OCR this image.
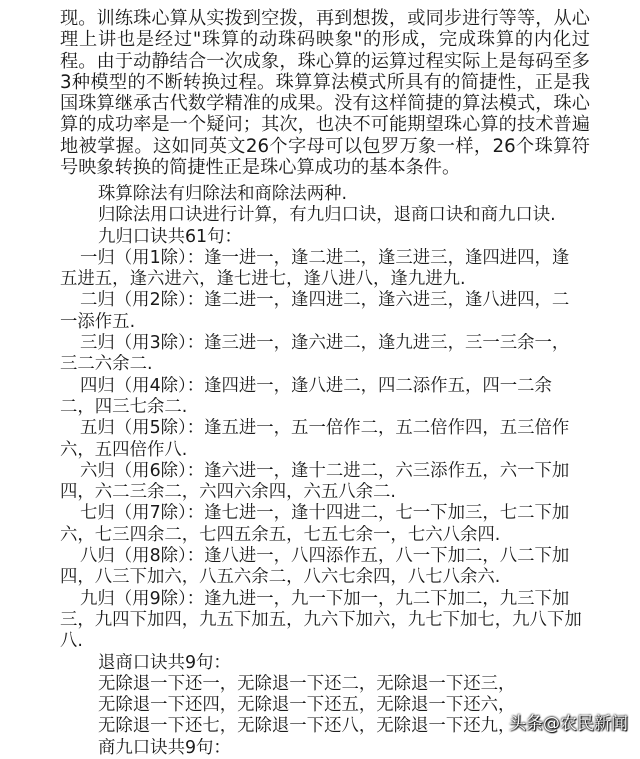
现。训练珠心算从实拨到空拨，再到想拨，或同步进行等等，从心理上讲也是经过"珠算的动珠码映象"的形成，完成珠算的内化过程。由于动静结合一次成象，珠心算的运算过程实际上是每码至多3种模型的不断转换过程。珠算算法模式所具有的简捷性，正是我国珠算继承古代数学精准的成果。没有这样简捷的算法模式，珠心算的成功率是一个疑问；其次，也决不可能期望珠心算的技术普遍地被掌握。这如同英文26个字母可以包罗万象一样，26个珠算符号映象转换的简捷性正是珠心算成功的基本条件。

珠算除法有归除法和商除法两种.
归除法用口诀进行计算，有九归口诀，退商口诀和商九口诀.
九归口诀共61句：
一归（用1除）：逢一进一，逢二进二，逢三进三，逢四进四，逢
五进五，逢六进六，逢七进七，逢八进八，逢九进九.
二归（用2除）：逢二进一，逢四进二，逢六进三，逢八进四，二
一添作五.
三归（用3除）：逢三进一，逢六进二，逢九进三，三一三余一，
三二六余二.
四归（用4除）：逢四进一，逢八进二，四二添作五，四一二余
二，四三七余二.
五归（用5除）：逢五进一，五一倍作二，五二倍作四，五三倍作
六，五四倍作八.
六归（用6除）：逢六进一，逢十二进二，六三添作五，六一下加
四，六二三余二，六四六余四，六五八余二.
七归（用7除）：逢七进一，逢十四进二，七一下加三，七二下加
六，七三四余二，七四五余五，七五七余一，七六八余四.
八归（用8除）：逢八进一，八四添作五，八一下加二，八二下加
四，八三下加六，八五六余二，八六七余四，八七八余六.
九归（用9除）：逢九进一，九一下加一，九二下加二，九三下加
三，九四下加四，九五下加五，九六下加六，九七下加七，九八下加
八.
退商口诀共9句：
无除退一下还一，无除退一下还二，无除退一下还三，
无除退一下还四，无除退一下还五，无除退一下还六，
无除退一下还七，无除退一下还八，无除退一下还九，
商九口诀共9句：
头条@农民新闻
